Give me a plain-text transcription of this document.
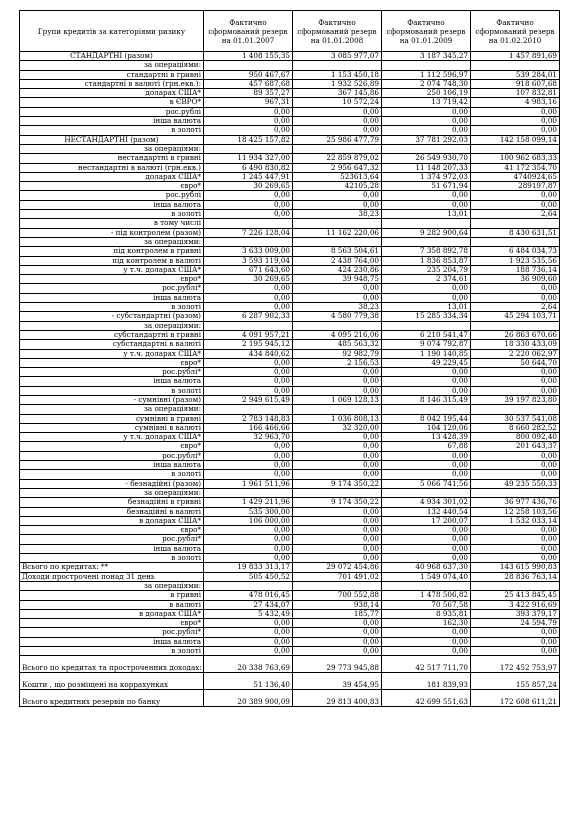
Групи кредитів за категоріями ризику	Фактично сформований резерв на 01.01.2007	Фактично сформований резерв на 01.01.2008	Фактично сформований резерв на 01.01.2009	Фактично сформований резерв на 01.02.2010
СТАНДАРТНІ (разом)	1 408 155,35	3 085 977,07	3 187 345,27	1 457 891,69
за операціями:				
стандартні в гривні	950 467,67	1 153 450,18	1 112 596,97	539 284,01
стандартні в валюті (грн.екв.):	457 687,68	1 932 526,89	2 074 748,30	918 607,68
доларах США*	89 357,27	367 145,86	250 106,19	107 832,81
в ЄВРО*	967,31	10 572,24	13 719,42	4 983,16
рос.рублі	0,00	0,00	0,00	0,00
інша валюта	0,00	0,00	0,00	0,00
в золоті	0,00	0,00	0,00	0,00
НЕСТАНДАРТНІ (разом)	18 425 157,82	25 986 477,79	37 781 292,03	142 158 099,14
за операціями:				
нестандартні в гривні	11 934 327,00	22 859 879,02	26 549 930,70	100 962 683,33
нестандартні в валюті (грн.екв.)	6 490 830,82	2 956 647,32	11 148 207,33	41 172 354,70
доларах США*	1 245 447,91	523613,64	1 374 972,03	4740924,65
євро*	30 269,65	42105,28	51 671,94	289197,87
рос.рублі	0,00	0,00	0,00	0,00
інша валюта	0,00	0,00	0,00	0,00
в золоті	0,00	38,23	13,01	2,64
в тому числі				
- під контролем (разом)	7 226 128,04	11 162 220,06	9 282 900,64	8 430 631,51
за операціями:				
під контролем в гривні	3 633 009,00	8 563 504,61	7 358 892,78	6 484 034,73
під контролем в валюті	3 593 119,04	2 438 764,00	1 836 853,87	1 923 535,56
у т.ч. доларах США*	671 643,60	424 230,86	235 204,79	188 736,14
євро*	30 269,65	39 948,75	2 374,61	36 909,60
рос.рублі*	0,00	0,00	0,00	0,00
інша валюта	0,00	0,00	0,00	0,00
в золоті	0,00	38,23	13,01	2,64
- субстандартні (разом)	6 287 902,33	4 580 779,38	15 285 334,34	45 294 103,71
за операціями:				
субстандартні в гривні	4 091 957,21	4 095 216,06	6 210 541,47	26 863 670,66
субстандартні в валюті	2 195 945,12	485 563,32	9 074 792,87	18 330 433,09
у т.ч. доларах США*	434 840,62	92 982,79	1 190 140,85	2 220 062,97
євро*	0,00	2 156,53	49 229,45	50 644,70
рос.рублі*	0,00	0,00	0,00	0,00
інша валюта	0,00	0,00	0,00	0,00
в золоті	0,00	0,00	0,00	0,00
- сумнівні (разом)	2 949 615,49	1 069 128,13	8 146 315,49	39 197 823,80
за операціями:				
сумнівні в гривні	2 783 148,83	1 036 808,13	8 042 195,44	30 537 541,08
сумнівні в валюті	166 466,66	32 320,00	104 120,06	8 660 282,52
у т.ч. доларах США*	32 963,70	0,00	13 428,39	800 092,40
євро*	0,00	0,00	67,88	201 643,37
рос.рублі*	0,00	0,00	0,00	0,00
інша валюта	0,00	0,00	0,00	0,00
в золоті	0,00	0,00	0,00	0,00
- безнадійні (разом)	1 961 511,96	9 174 350,22	5 066 741,56	49 235 550,33
за операціями:				
безнадійні в гривні	1 429 211,96	9 174 350,22	4 934 301,02	36 977 436,76
безнадійні в валюті	535 300,00	0,00	132 440,54	12 258 103,56
в доларах США*	106 000,00	0,00	17 200,07	1 532 033,14
євро*	0,00	0,00	0,00	0,00
рос.рублі*	0,00	0,00	0,00	0,00
інша валюта	0,00	0,00	0,00	0,00
в золоті	0,00	0,00	0,00	0,00
Всього по кредитах: **	19 833 313,17	29 072 454,86	40 968 637,30	143 615 990,83
Доходи прострочені понад 31 день	505 450,52	701 491,02	1 549 074,40	28 836 763,14
за операціями:				
в гривні	478 016,45	700 552,88	1 478 506,82	25 413 845,45
в валюті	27 434,07	938,14	70 567,58	3 422 916,69
в доларах США*	5 432,49	185,77	8 935,81	393 379,17
євро*	0,00	0,00	162,30	24 594,79
рос.рублі*	0,00	0,00	0,00	0,00
інша валюта	0,00	0,00	0,00	0,00
в золоті	0,00	0,00	0,00	0,00
Всього по кредитах та простроченних доходах:	20 338 763,69	29 773 945,88	42 517 711,70	172 452 753,97
Кошти , що розміщені на коррахунках	51 136,40	39 454,95	181 839,93	155 857,24
Всього кредитних резервів по банку	20 389 900,09	29 813 400,83	42 699 551,63	172 608 611,21
